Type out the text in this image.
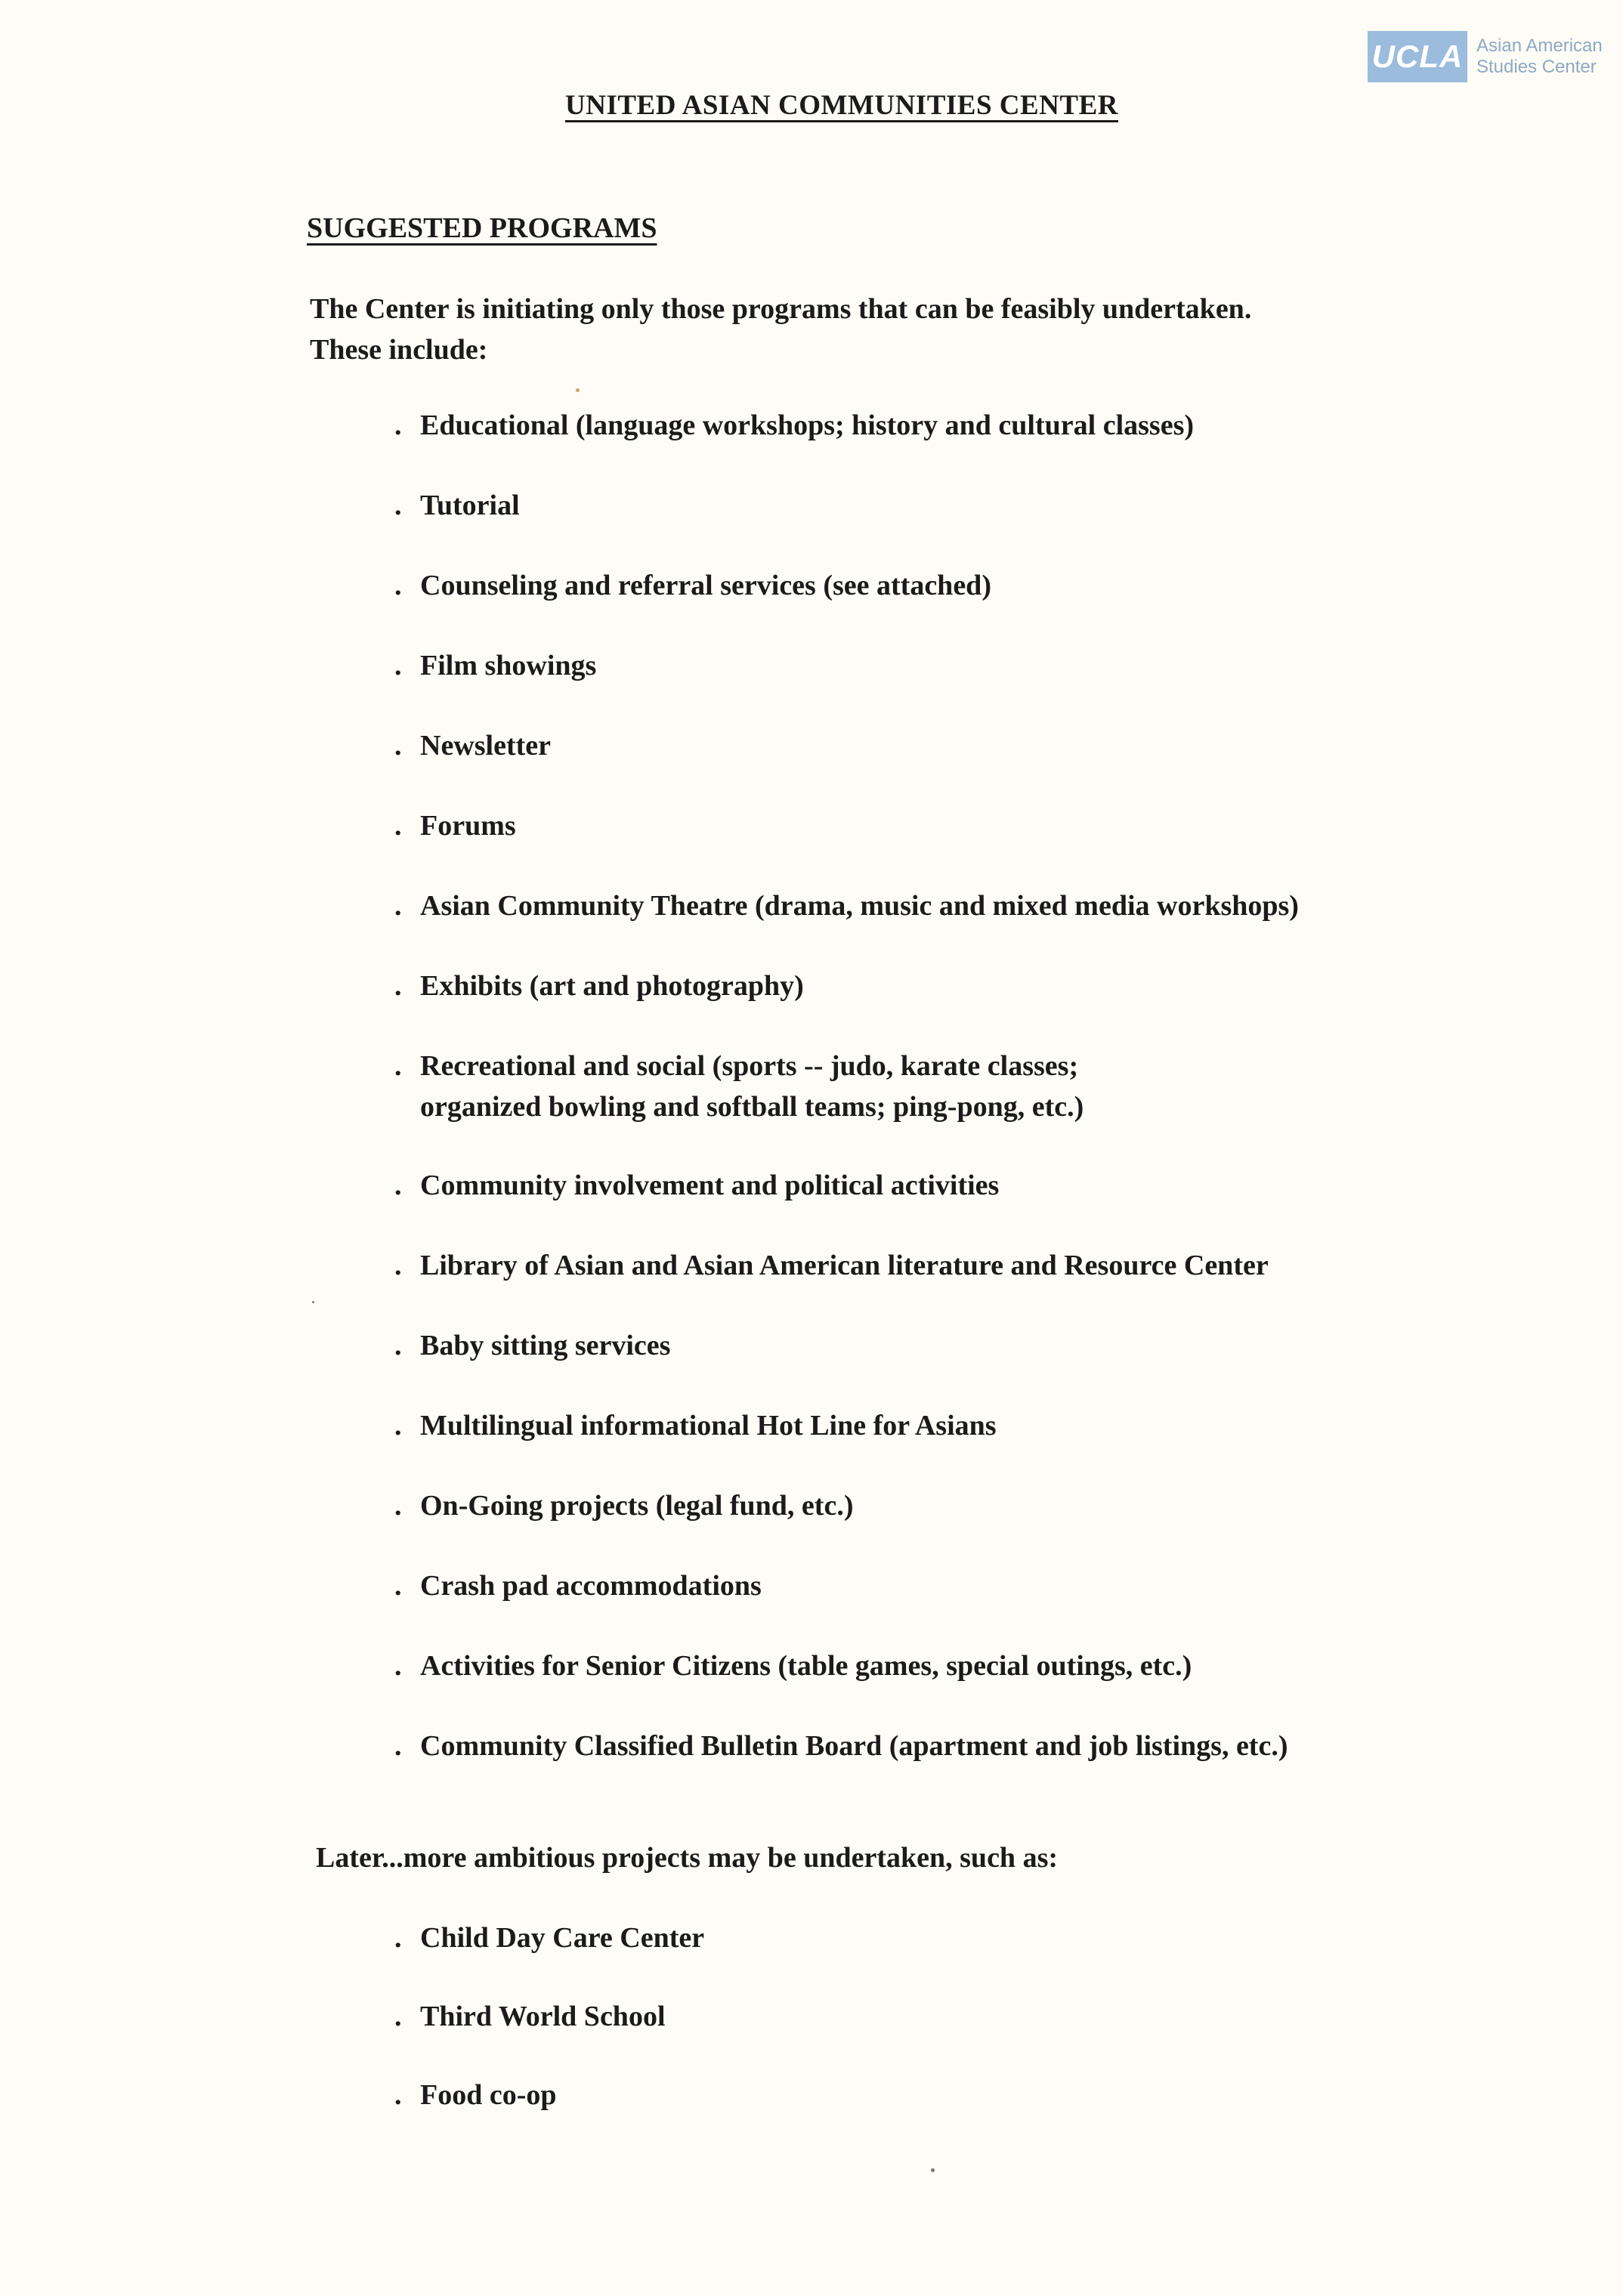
UCLA Asian American
Studies Center
UNITED ASIAN COMMUNITIES CENTER
SUGGESTED PROGRAMS
The Center is initiating only those programs that can be feasibly undertaken.
These include:
. Educational (language workshops; history and cultural classes)
. Tutorial
. Counseling and referral services (see attached)
. Film showings
. Newsletter
. Forums
. Asian Community Theatre (drama, music and mixed media workshops)
. Exhibits (art and photography)
. Recreational and social (sports -- judo, karate classes;
organized bowling and softball teams; ping-pong, etc.)
. Community involvement and political activities
. Library of Asian and Asian American literature and Resource Center
. Baby sitting services
. Multilingual informational Hot Line for Asians
. On-Going projects (legal fund, etc.)
. Crash pad accommodations
. Activities for Senior Citizens (table games, special outings, etc.)
. Community Classified Bulletin Board (apartment and job listings, etc.)
Later...more ambitious projects may be undertaken, such as:
. Child Day Care Center
. Third World School
. Food co-op
